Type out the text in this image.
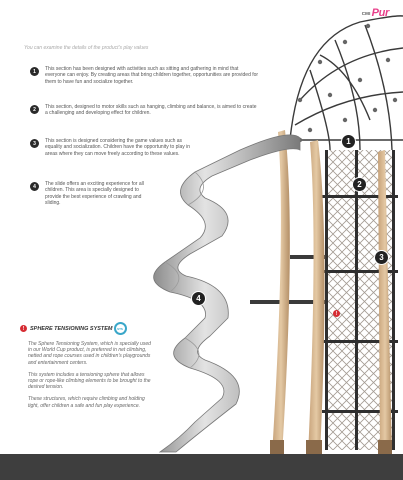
CMI Pur
You can examine the details of the product's play values
1	This section has been designed with activities such as sitting and gathering in mind that everyone can enjoy. By creating areas that bring children together, opportunities are provided for them to have fun and socialize together.
2	This section, designed to motor skills such as hanging, climbing and balance, is aimed to create a challenging and developing effect for children.
3	This section is designed considering the game values such as equality and socialization. Children have the opportunity to play in areas where they can move freely according to these values.
4	The slide offers an exciting experience for all children. This area is specially designed to provide the best experience of crawling and sliding.
1
2
3
4
!
!	SPHERE TENSIONING SYSTEM	STS

The Sphere Tensioning System, which is specially used in our World Cup product, is preferred in net climbing, netted and rope courses used in children's playgrounds and entertainment centers.

This system includes a tensioning sphere that allows rope or rope-like climbing elements to be brought to the desired tension.

These structures, which require climbing and holding tight, offer children a safe and fun play experience.
